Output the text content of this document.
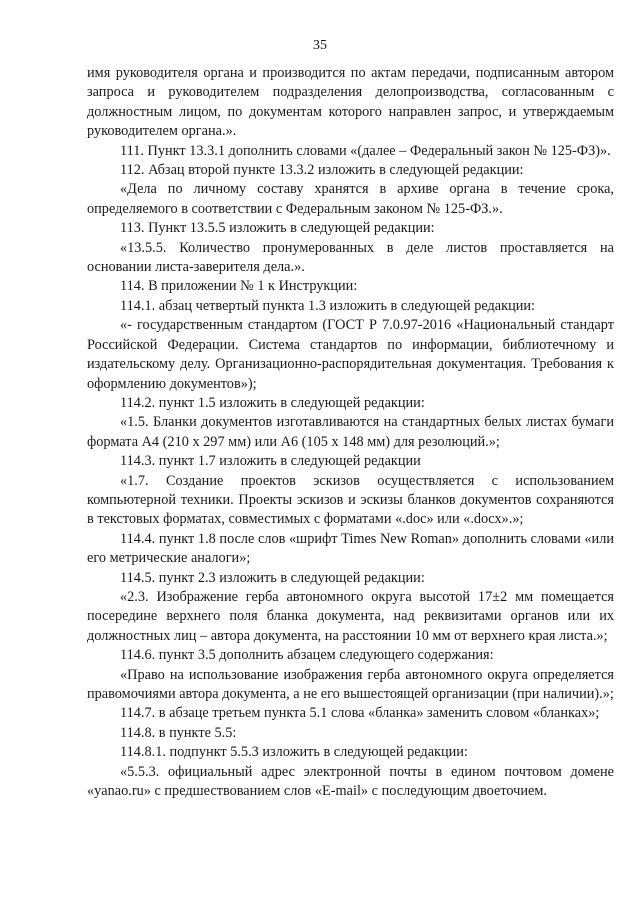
35

имя руководителя органа и производится по актам передачи, подписанным автором запроса и руководителем подразделения делопроизводства, согласованным с должностным лицом, по документам которого направлен запрос, и утверждаемым руководителем органа.».

111. Пункт 13.3.1 дополнить словами «(далее – Федеральный закон № 125-ФЗ)».

112. Абзац второй пункте 13.3.2 изложить в следующей редакции:

«Дела по личному составу хранятся в архиве органа в течение срока, определяемого в соответствии с Федеральным законом № 125-ФЗ.».

113. Пункт 13.5.5 изложить в следующей редакции:

«13.5.5. Количество пронумерованных в деле листов проставляется на основании листа-заверителя дела.».

114. В приложении № 1 к Инструкции:

114.1. абзац четвертый пункта 1.3 изложить в следующей редакции:

«- государственным стандартом (ГОСТ Р 7.0.97-2016 «Национальный стандарт Российской Федерации. Система стандартов по информации, библиотечному и издательскому делу. Организационно-распорядительная документация. Требования к оформлению документов»);

114.2. пункт 1.5 изложить в следующей редакции:

«1.5. Бланки документов изготавливаются на стандартных белых листах бумаги формата А4 (210 х 297 мм) или А6 (105 х 148 мм) для резолюций.»;

114.3. пункт 1.7 изложить в следующей редакции

«1.7. Создание проектов эскизов осуществляется с использованием компьютерной техники. Проекты эскизов и эскизы бланков документов сохраняются в текстовых форматах, совместимых с форматами «.doc» или «.docx».»;

114.4. пункт 1.8 после слов «шрифт Times New Roman» дополнить словами «или его метрические аналоги»;

114.5. пункт 2.3 изложить в следующей редакции:

«2.3. Изображение герба автономного округа высотой 17±2 мм помещается посередине верхнего поля бланка документа, над реквизитами органов или их должностных лиц – автора документа, на расстоянии 10 мм от верхнего края листа.»;

114.6. пункт 3.5 дополнить абзацем следующего содержания:

«Право на использование изображения герба автономного округа определяется правомочиями автора документа, а не его вышестоящей организации (при наличии).»;

114.7. в абзаце третьем пункта 5.1 слова «бланка» заменить словом «бланках»;

114.8. в пункте 5.5:

114.8.1. подпункт 5.5.3 изложить в следующей редакции:

«5.5.3. официальный адрес электронной почты в едином почтовом домене «yanao.ru» с предшествованием слов «E-mail» с последующим двоеточием.
